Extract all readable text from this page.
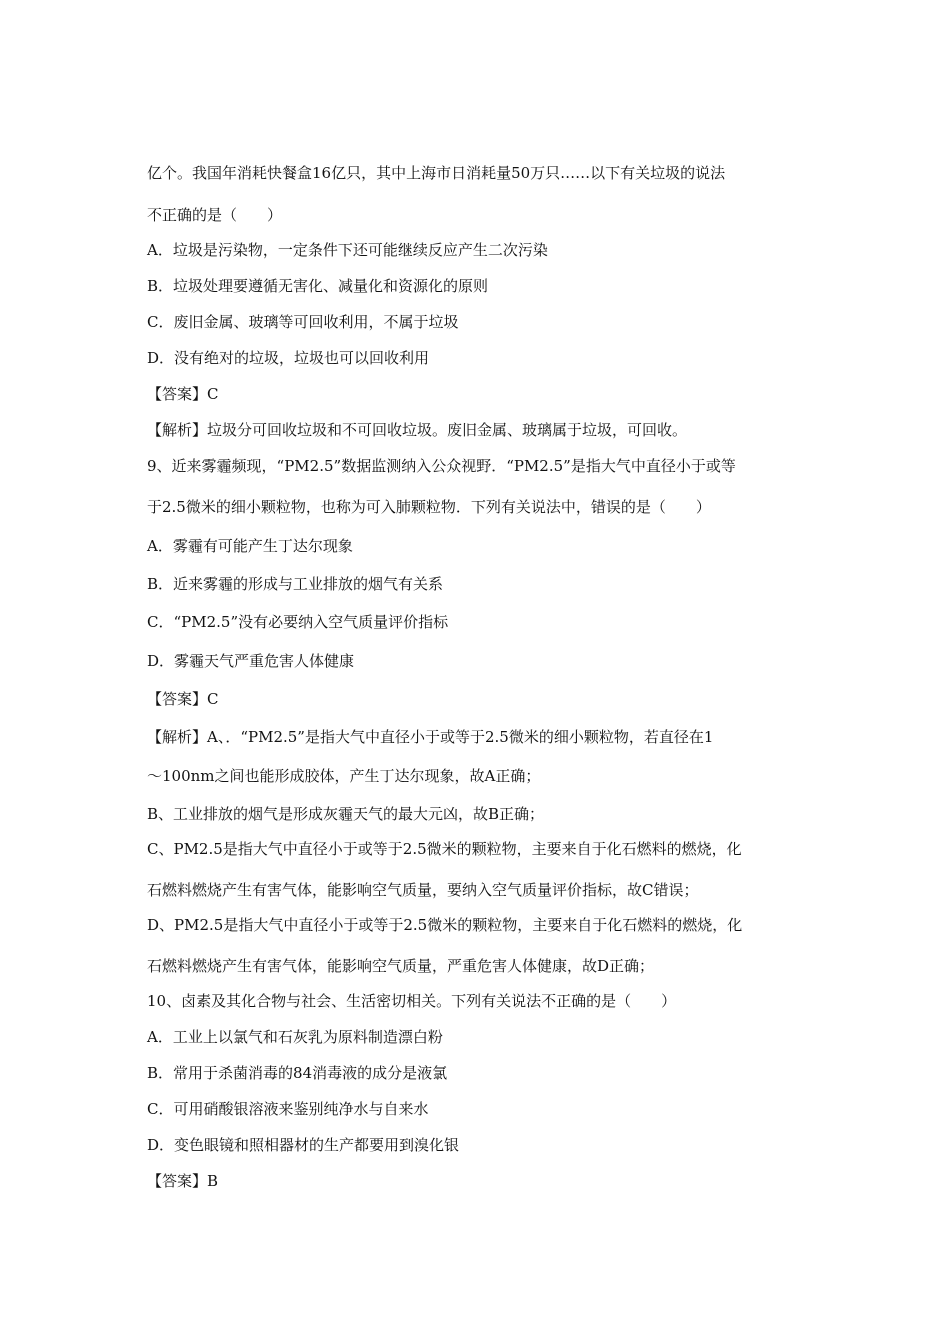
亿个。我国年消耗快餐盒16亿只，其中上海市日消耗量50万只……以下有关垃圾的说法
不正确的是（　　）
A．垃圾是污染物，一定条件下还可能继续反应产生二次污染
B．垃圾处理要遵循无害化、减量化和资源化的原则
C．废旧金属、玻璃等可回收利用，不属于垃圾
D．没有绝对的垃圾，垃圾也可以回收利用
【答案】C
【解析】垃圾分可回收垃圾和不可回收垃圾。废旧金属、玻璃属于垃圾，可回收。
9、近来雾霾频现，“PM2.5”数据监测纳入公众视野．“PM2.5”是指大气中直径小于或等
于2.5微米的细小颗粒物，也称为可入肺颗粒物．下列有关说法中，错误的是（　　）
A．雾霾有可能产生丁达尔现象
B．近来雾霾的形成与工业排放的烟气有关系
C．“PM2.5”没有必要纳入空气质量评价指标
D．雾霾天气严重危害人体健康
【答案】C
【解析】A、．“PM2.5”是指大气中直径小于或等于2.5微米的细小颗粒物，若直径在1
～100nm之间也能形成胶体，产生丁达尔现象，故A正确；
B、工业排放的烟气是形成灰霾天气的最大元凶，故B正确；
C、PM2.5是指大气中直径小于或等于2.5微米的颗粒物，主要来自于化石燃料的燃烧，化
石燃料燃烧产生有害气体，能影响空气质量，要纳入空气质量评价指标，故C错误；
D、PM2.5是指大气中直径小于或等于2.5微米的颗粒物，主要来自于化石燃料的燃烧，化
石燃料燃烧产生有害气体，能影响空气质量，严重危害人体健康，故D正确；
10、卤素及其化合物与社会、生活密切相关。下列有关说法不正确的是（　　）
A．工业上以氯气和石灰乳为原料制造漂白粉
B．常用于杀菌消毒的84消毒液的成分是液氯
C．可用硝酸银溶液来鉴别纯净水与自来水
D．变色眼镜和照相器材的生产都要用到溴化银
【答案】B
